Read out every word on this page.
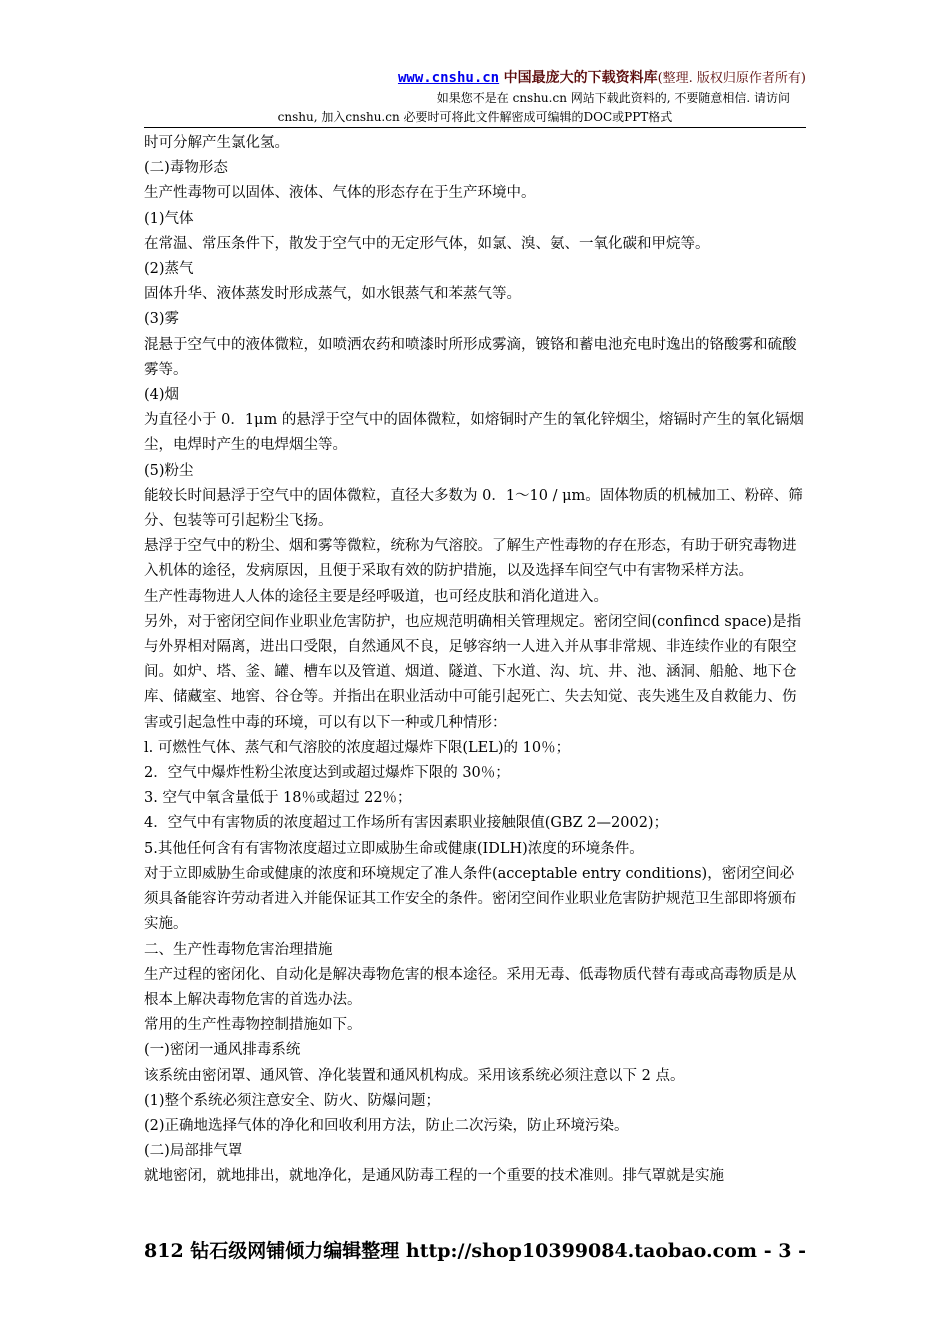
www.cnshu.cn 中国最庞大的下载资料库(整理. 版权归原作者所有)
如果您不是在 cnshu.cn 网站下载此资料的, 不要随意相信. 请访问
cnshu, 加入cnshu.cn 必要时可将此文件解密成可编辑的DOC或PPT格式

时可分解产生氯化氢。

(二)毒物形态

生产性毒物可以固体、液体、气体的形态存在于生产环境中。

(1)气体

在常温、常压条件下，散发于空气中的无定形气体，如氯、溴、氨、一氧化碳和甲烷等。

(2)蒸气

固体升华、液体蒸发时形成蒸气，如水银蒸气和苯蒸气等。

(3)雾

混悬于空气中的液体微粒，如喷洒农药和喷漆时所形成雾滴，镀铬和蓄电池充电时逸出的铬酸雾和硫酸雾等。

(4)烟

为直径小于 0．1μm 的悬浮于空气中的固体微粒，如熔铜时产生的氧化锌烟尘，熔镉时产生的氧化镉烟尘，电焊时产生的电焊烟尘等。

(5)粉尘

能较长时间悬浮于空气中的固体微粒，直径大多数为 0．1～10 / μm。固体物质的机械加工、粉碎、筛分、包装等可引起粉尘飞扬。

悬浮于空气中的粉尘、烟和雾等微粒，统称为气溶胶。了解生产性毒物的存在形态，有助于研究毒物进入机体的途径，发病原因，且便于采取有效的防护措施，以及选择车间空气中有害物采样方法。

生产性毒物进人人体的途径主要是经呼吸道，也可经皮肤和消化道进入。

另外，对于密闭空间作业职业危害防护，也应规范明确相关管理规定。密闭空间(confincd space)是指与外界相对隔离，进出口受限，自然通风不良，足够容纳一人进入并从事非常规、非连续作业的有限空间。如炉、塔、釜、罐、槽车以及管道、烟道、隧道、下水道、沟、坑、井、池、涵洞、船舱、地下仓库、储藏室、地窖、谷仓等。并指出在职业活动中可能引起死亡、失去知觉、丧失逃生及自救能力、伤害或引起急性中毒的环境，可以有以下一种或几种情形：

l. 可燃性气体、蒸气和气溶胶的浓度超过爆炸下限(LEL)的 10％；

2．空气中爆炸性粉尘浓度达到或超过爆炸下限的 30％；

3. 空气中氧含量低于 18％或超过 22％；

4．空气中有害物质的浓度超过工作场所有害因素职业接触限值(GBZ 2—2002)；

5.其他任何含有有害物浓度超过立即威胁生命或健康(IDLH)浓度的环境条件。

对于立即威胁生命或健康的浓度和环境规定了准人条件(acceptable entry conditions)，密闭空间必须具备能容许劳动者进入并能保证其工作安全的条件。密闭空间作业职业危害防护规范卫生部即将颁布实施。

二、生产性毒物危害治理措施

生产过程的密闭化、自动化是解决毒物危害的根本途径。采用无毒、低毒物质代替有毒或高毒物质是从根本上解决毒物危害的首选办法。

常用的生产性毒物控制措施如下。

(一)密闭一通风排毒系统

该系统由密闭罩、通风管、净化装置和通风机构成。采用该系统必须注意以下 2 点。

(1)整个系统必须注意安全、防火、防爆问题；

(2)正确地选择气体的净化和回收利用方法，防止二次污染，防止环境污染。

(二)局部排气罩

就地密闭，就地排出，就地净化，是通风防毒工程的一个重要的技术准则。排气罩就是实施

812 钻石级网铺倾力编辑整理 http://shop10399084.taobao.com - 3 -
